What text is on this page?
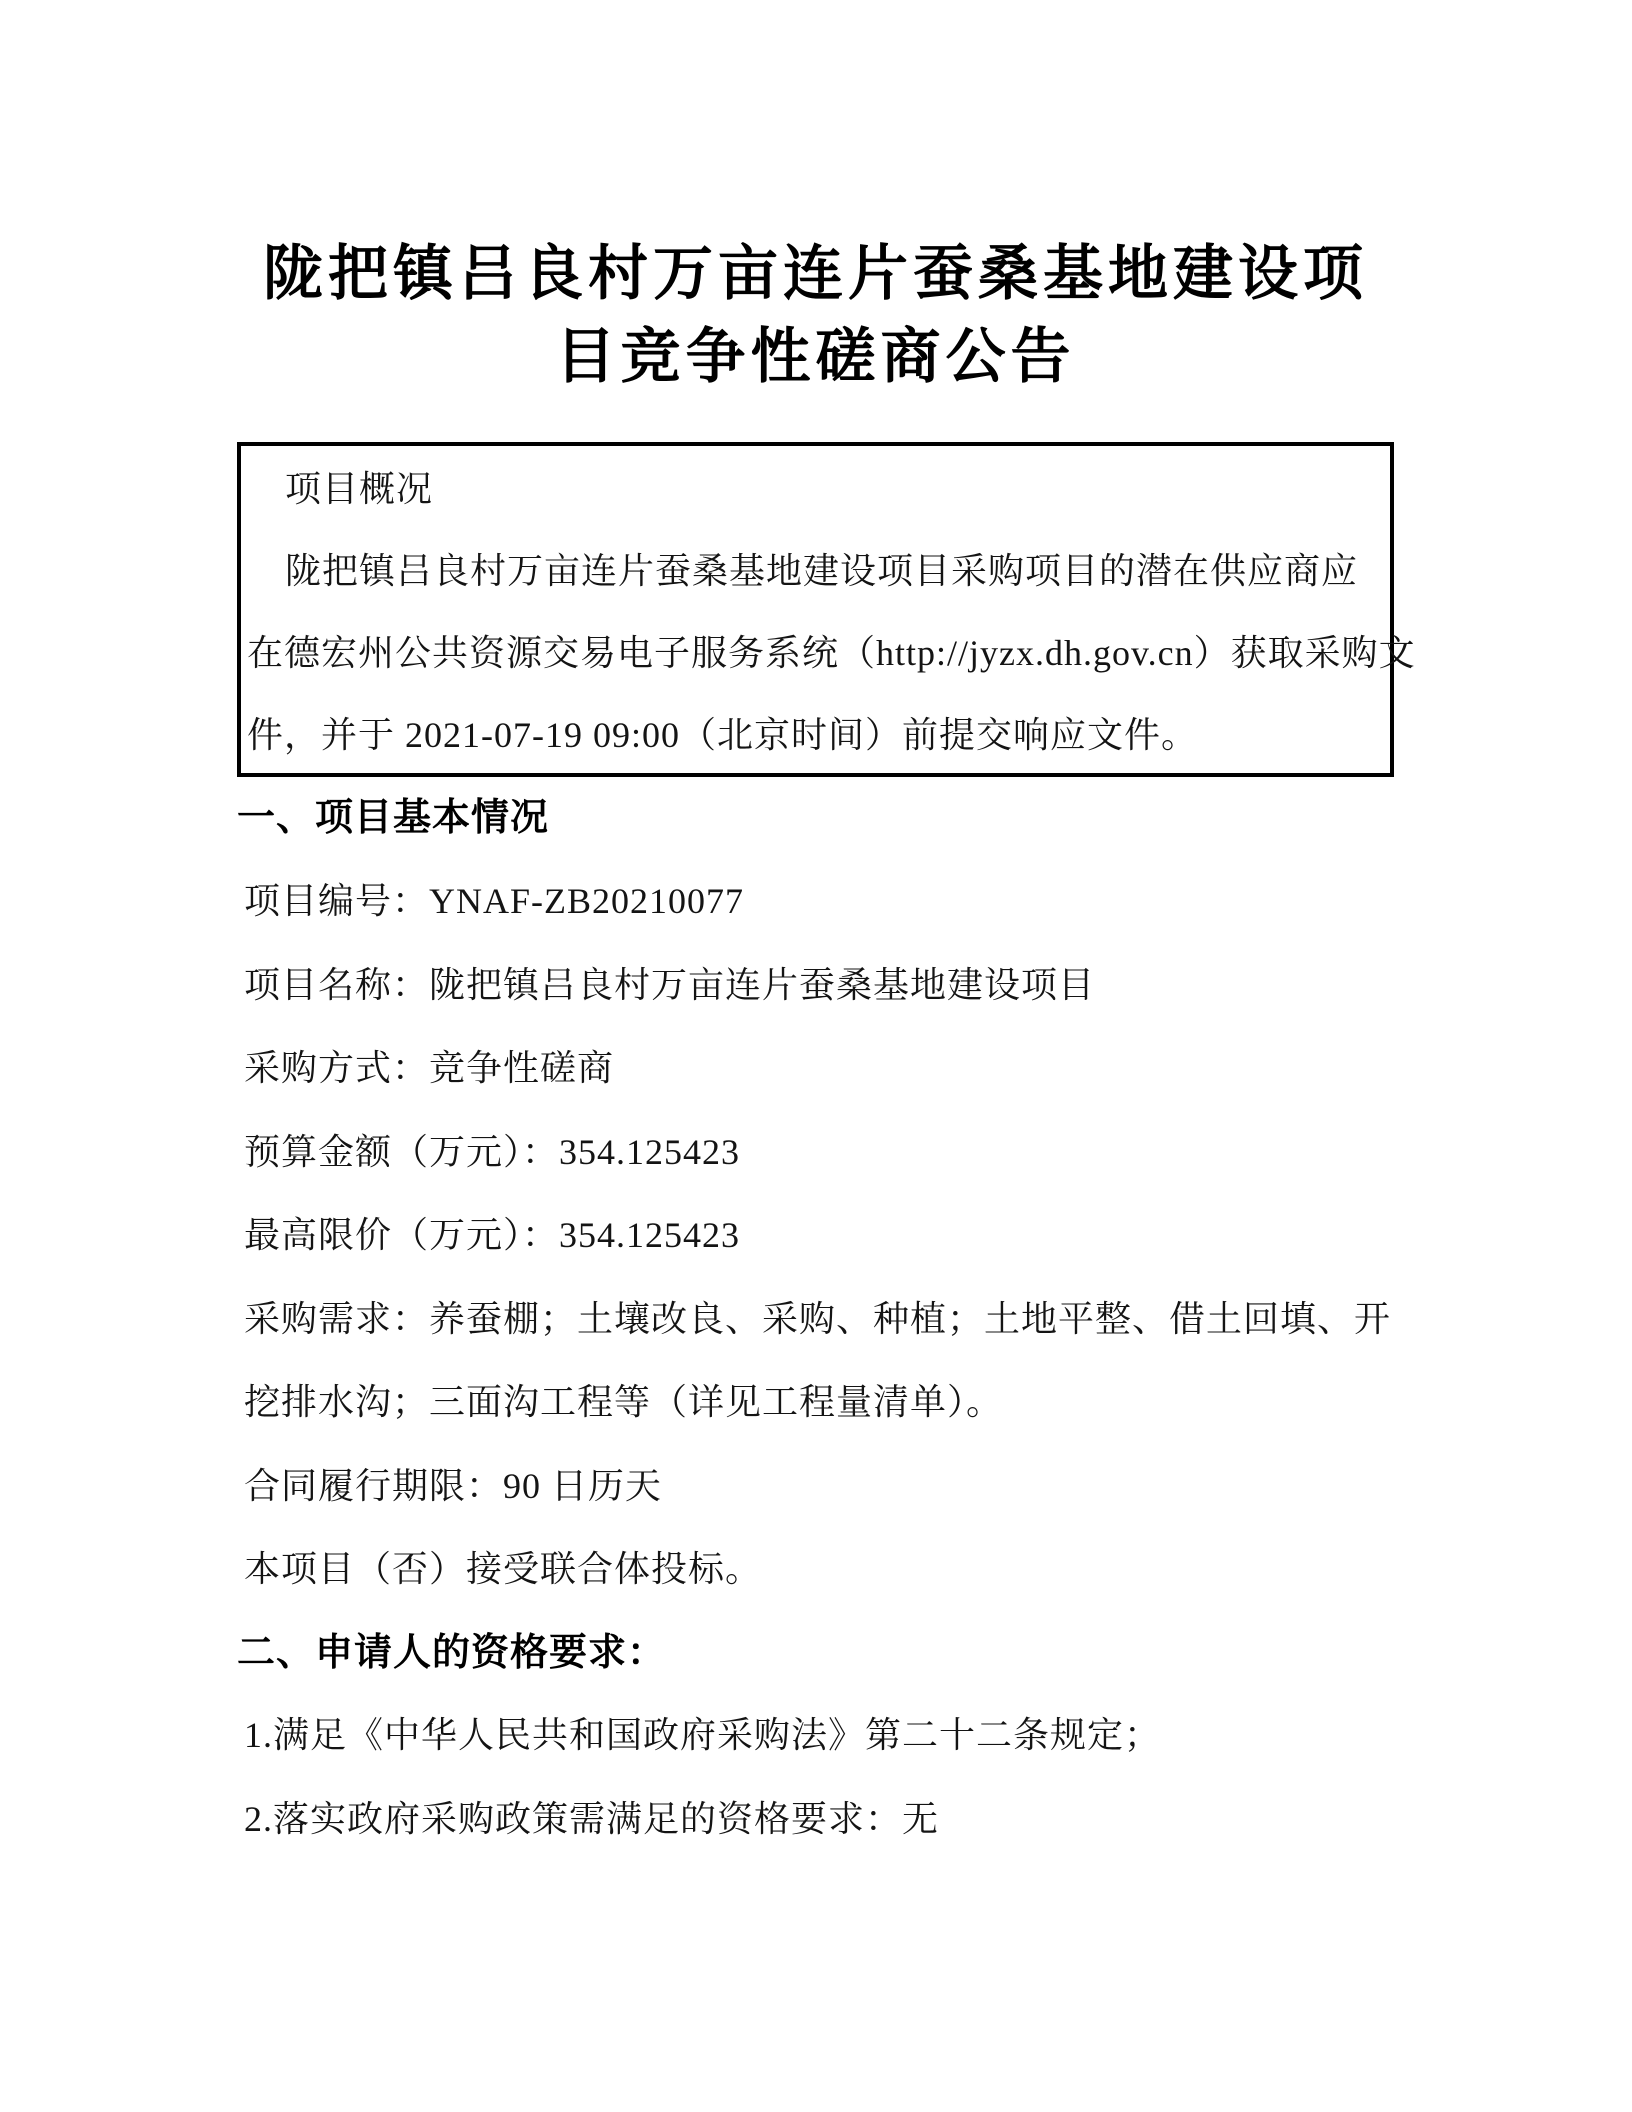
陇把镇吕良村万亩连片蚕桑基地建设项
目竞争性磋商公告
项目概况
陇把镇吕良村万亩连片蚕桑基地建设项目采购项目的潜在供应商应
在德宏州公共资源交易电子服务系统（http://jyzx.dh.gov.cn）获取采购文
件，并于 2021-07-19 09:00（北京时间）前提交响应文件。
一、项目基本情况
项目编号：YNAF-ZB20210077
项目名称：陇把镇吕良村万亩连片蚕桑基地建设项目
采购方式：竞争性磋商
预算金额（万元）：354.125423
最高限价（万元）：354.125423
采购需求：养蚕棚；土壤改良、采购、种植；土地平整、借土回填、开
挖排水沟；三面沟工程等（详见工程量清单）。
合同履行期限：90 日历天
本项目（否）接受联合体投标。
二、申请人的资格要求：
1.满足《中华人民共和国政府采购法》第二十二条规定；
2.落实政府采购政策需满足的资格要求：无
